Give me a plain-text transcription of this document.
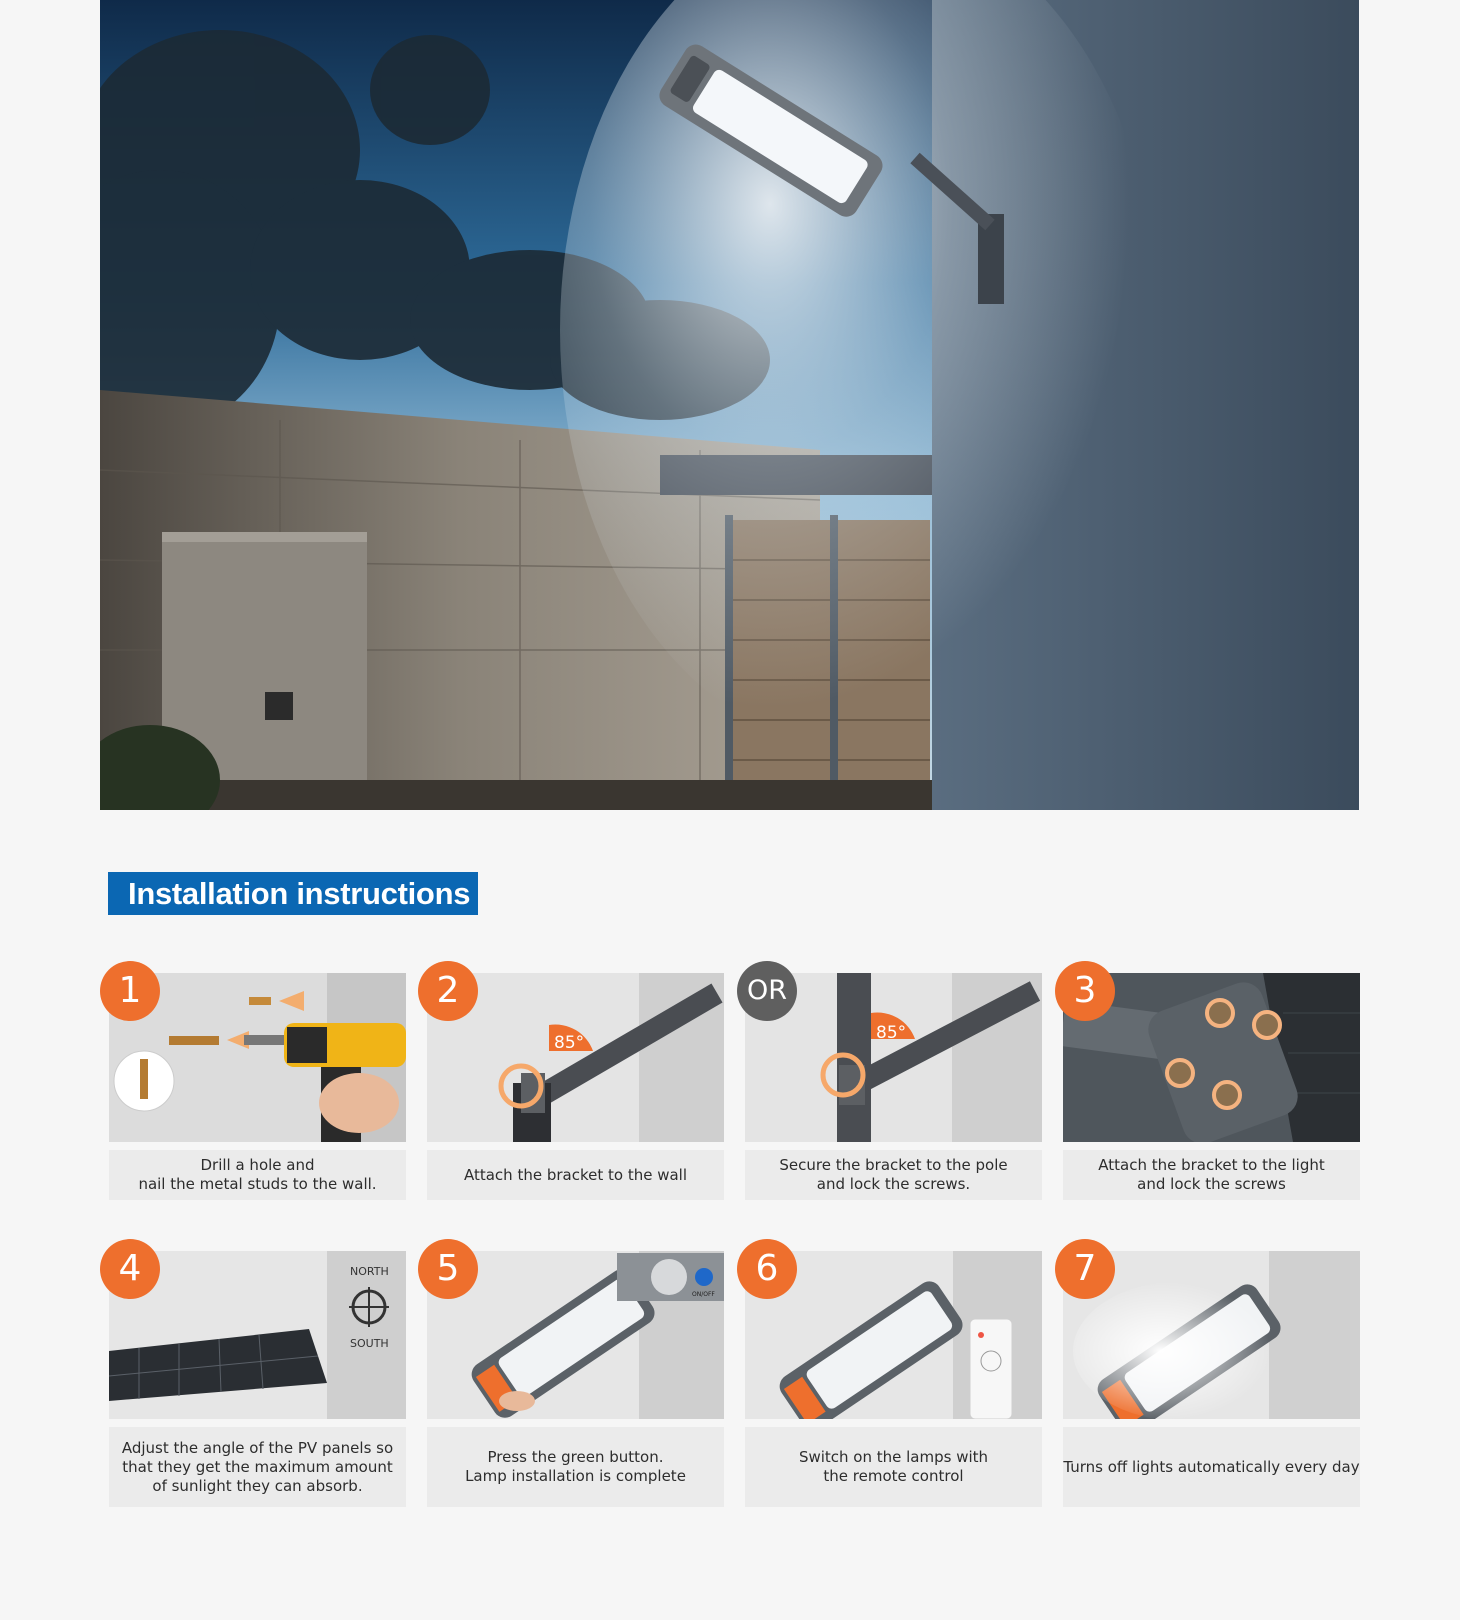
Installation instructions
Drill a hole and
nail the metal studs to the wall.
1
85°
Attach the bracket to the wall
2
85°
Secure the bracket to the pole
and lock the screws.
OR
Attach the bracket to the light
and lock the screws
3
NORTH
SOUTH
Adjust the angle of the PV panels so
that they get the maximum amount
of sunlight they can absorb.
4
ON/OFF
Press the green button.
Lamp installation is complete
5
Switch on the lamps with
the remote control
6
Turns off lights automatically every day
7
